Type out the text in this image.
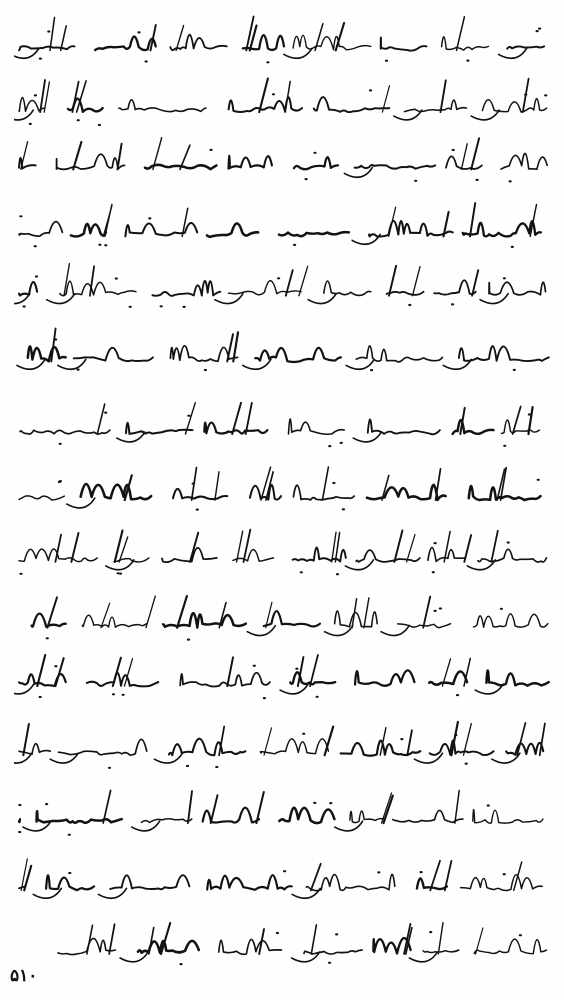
۵۱۰
